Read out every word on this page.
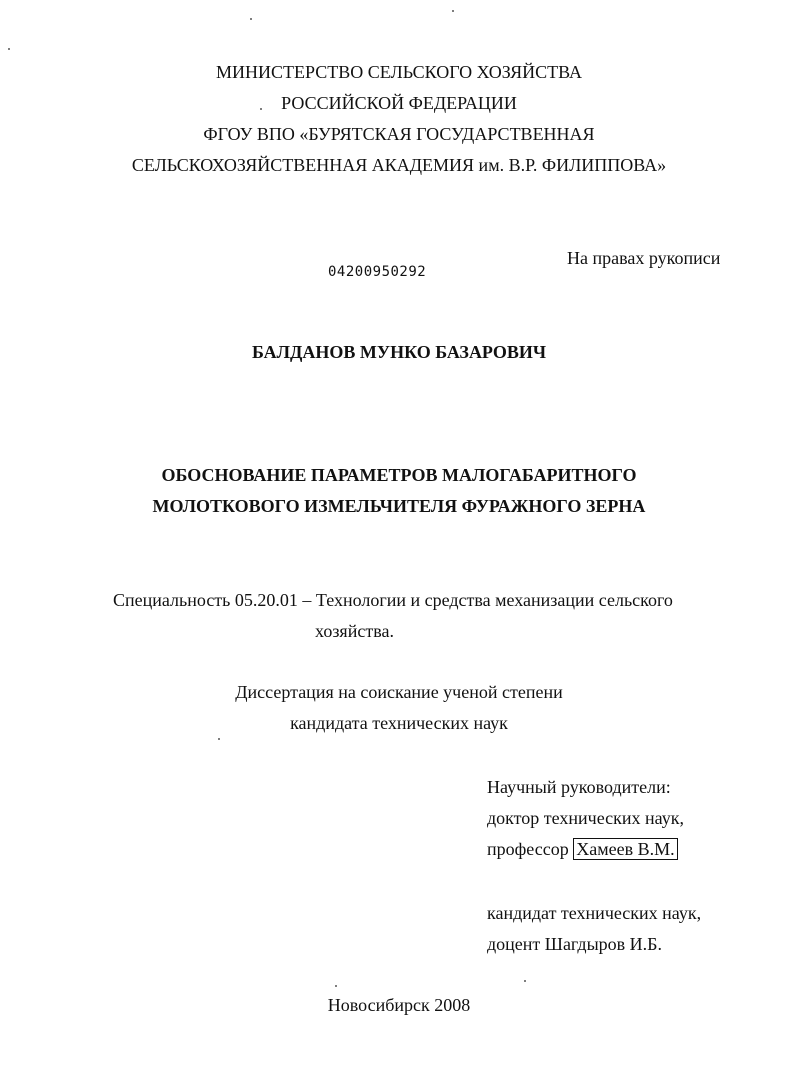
МИНИСТЕРСТВО СЕЛЬСКОГО ХОЗЯЙСТВА
РОССИЙСКОЙ ФЕДЕРАЦИИ
ФГОУ ВПО «БУРЯТСКАЯ ГОСУДАРСТВЕННАЯ
СЕЛЬСКОХОЗЯЙСТВЕННАЯ АКАДЕМИЯ им. В.Р. ФИЛИППОВА»
На правах рукописи
04200950292
БАЛДАНОВ МУНКО БАЗАРОВИЧ
ОБОСНОВАНИЕ ПАРАМЕТРОВ МАЛОГАБАРИТНОГО
МОЛОТКОВОГО ИЗМЕЛЬЧИТЕЛЯ ФУРАЖНОГО ЗЕРНА
Специальность 05.20.01 – Технологии и средства механизации сельского
хозяйства.
Диссертация на соискание ученой степени
кандидата технических наук
Научный руководители:
доктор технических наук,
профессор Хамеев В.М.
кандидат технических наук,
доцент Шагдыров И.Б.
Новосибирск 2008
